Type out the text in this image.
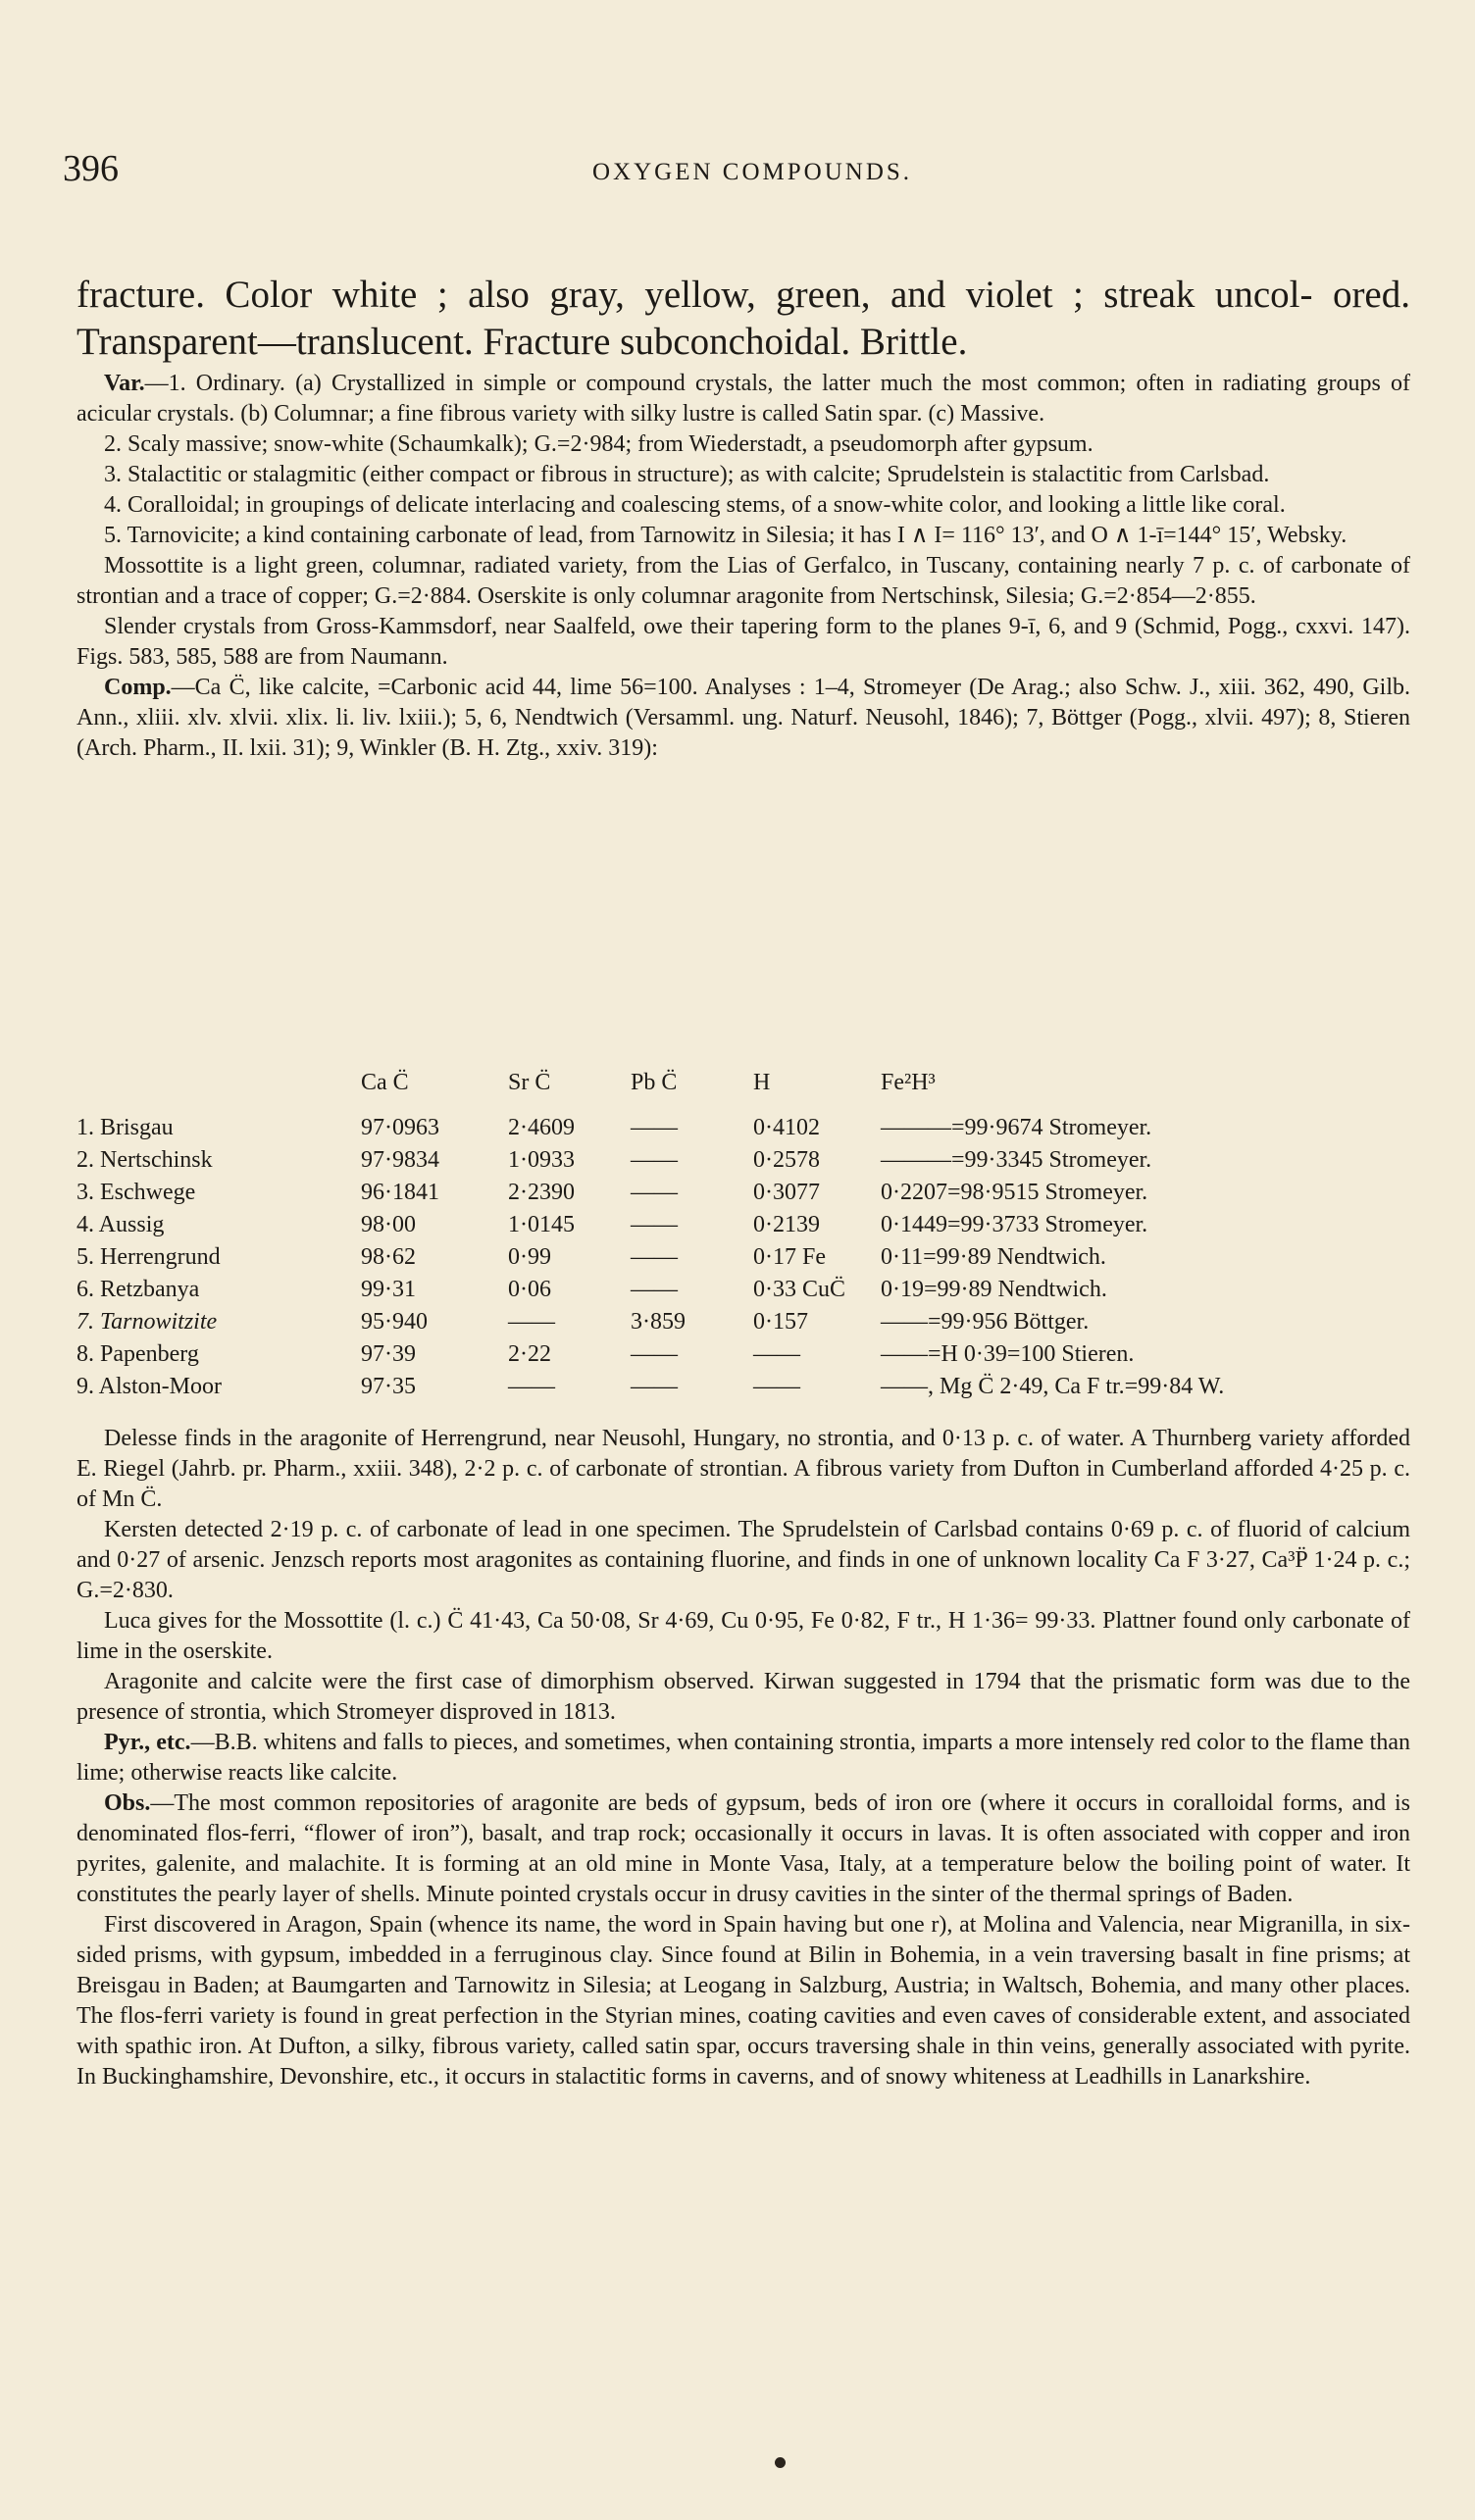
396	OXYGEN COMPOUNDS.

fracture. Color white ; also gray, yellow, green, and violet ; streak uncol- ored. Transparent—translucent. Fracture subconchoidal. Brittle.

Var.—1. Ordinary. (a) Crystallized in simple or compound crystals, the latter much the most common; often in radiating groups of acicular crystals. (b) Columnar; a fine fibrous variety with silky lustre is called Satin spar. (c) Massive.

2. Scaly massive; snow-white (Schaumkalk); G.=2·984; from Wiederstadt, a pseudomorph after gypsum.

3. Stalactitic or stalagmitic (either compact or fibrous in structure); as with calcite; Sprudelstein is stalactitic from Carlsbad.

4. Coralloidal; in groupings of delicate interlacing and coalescing stems, of a snow-white color, and looking a little like coral.

5. Tarnovicite; a kind containing carbonate of lead, from Tarnowitz in Silesia; it has I ∧ I= 116° 13′, and O ∧ 1-ī=144° 15′, Websky.

Mossottite is a light green, columnar, radiated variety, from the Lias of Gerfalco, in Tuscany, containing nearly 7 p. c. of carbonate of strontian and a trace of copper; G.=2·884. Oserskite is only columnar aragonite from Nertschinsk, Silesia; G.=2·854—2·855.

Slender crystals from Gross-Kammsdorf, near Saalfeld, owe their tapering form to the planes 9-ī, 6, and 9 (Schmid, Pogg., cxxvi. 147). Figs. 583, 585, 588 are from Naumann.

Comp.—Ca C̈, like calcite, =Carbonic acid 44, lime 56=100. Analyses : 1–4, Stromeyer (De Arag.; also Schw. J., xiii. 362, 490, Gilb. Ann., xliii. xlv. xlvii. xlix. li. liv. lxiii.); 5, 6, Nendtwich (Versamml. ung. Naturf. Neusohl, 1846); 7, Böttger (Pogg., xlvii. 497); 8, Stieren (Arch. Pharm., II. lxii. 31); 9, Winkler (B. H. Ztg., xxiv. 319):

	Ca C̈	Sr C̈	Pb C̈	H	Fe²H³
1. Brisgau	97·0963	2·4609	——	0·4102	———=99·9674 Stromeyer.
2. Nertschinsk	97·9834	1·0933	——	0·2578	———=99·3345 Stromeyer.
3. Eschwege	96·1841	2·2390	——	0·3077	0·2207=98·9515 Stromeyer.
4. Aussig	98·00	1·0145	——	0·2139	0·1449=99·3733 Stromeyer.
5. Herrengrund	98·62	0·99	——	0·17 Fe	0·11=99·89 Nendtwich.
6. Retzbanya	99·31	0·06	——	0·33 CuC̈	0·19=99·89 Nendtwich.
7. Tarnowitzite	95·940	——	3·859	0·157	——=99·956 Böttger.
8. Papenberg	97·39	2·22	——	——	——=H 0·39=100 Stieren.
9. Alston-Moor	97·35	——	——	——	——, Mg C̈ 2·49, Ca F tr.=99·84 W.

Delesse finds in the aragonite of Herrengrund, near Neusohl, Hungary, no strontia, and 0·13 p. c. of water. A Thurnberg variety afforded E. Riegel (Jahrb. pr. Pharm., xxiii. 348), 2·2 p. c. of carbonate of strontian. A fibrous variety from Dufton in Cumberland afforded 4·25 p. c. of Mn C̈.

Kersten detected 2·19 p. c. of carbonate of lead in one specimen. The Sprudelstein of Carlsbad contains 0·69 p. c. of fluorid of calcium and 0·27 of arsenic. Jenzsch reports most aragonites as containing fluorine, and finds in one of unknown locality Ca F 3·27, Ca³P̈ 1·24 p. c.; G.=2·830.

Luca gives for the Mossottite (l. c.) C̈ 41·43, Ca 50·08, Sr 4·69, Cu 0·95, Fe 0·82, F tr., H 1·36= 99·33. Plattner found only carbonate of lime in the oserskite.

Aragonite and calcite were the first case of dimorphism observed. Kirwan suggested in 1794 that the prismatic form was due to the presence of strontia, which Stromeyer disproved in 1813.

Pyr., etc.—B.B. whitens and falls to pieces, and sometimes, when containing strontia, imparts a more intensely red color to the flame than lime; otherwise reacts like calcite.

Obs.—The most common repositories of aragonite are beds of gypsum, beds of iron ore (where it occurs in coralloidal forms, and is denominated flos-ferri, “flower of iron”), basalt, and trap rock; occasionally it occurs in lavas. It is often associated with copper and iron pyrites, galenite, and malachite. It is forming at an old mine in Monte Vasa, Italy, at a temperature below the boiling point of water. It constitutes the pearly layer of shells. Minute pointed crystals occur in drusy cavities in the sinter of the thermal springs of Baden.

First discovered in Aragon, Spain (whence its name, the word in Spain having but one r), at Molina and Valencia, near Migranilla, in six-sided prisms, with gypsum, imbedded in a ferruginous clay. Since found at Bilin in Bohemia, in a vein traversing basalt in fine prisms; at Breisgau in Baden; at Baumgarten and Tarnowitz in Silesia; at Leogang in Salzburg, Austria; in Waltsch, Bohemia, and many other places. The flos-ferri variety is found in great perfection in the Styrian mines, coating cavities and even caves of considerable extent, and associated with spathic iron. At Dufton, a silky, fibrous variety, called satin spar, occurs traversing shale in thin veins, generally associated with pyrite. In Buckinghamshire, Devonshire, etc., it occurs in stalactitic forms in caverns, and of snowy whiteness at Leadhills in Lanarkshire.
